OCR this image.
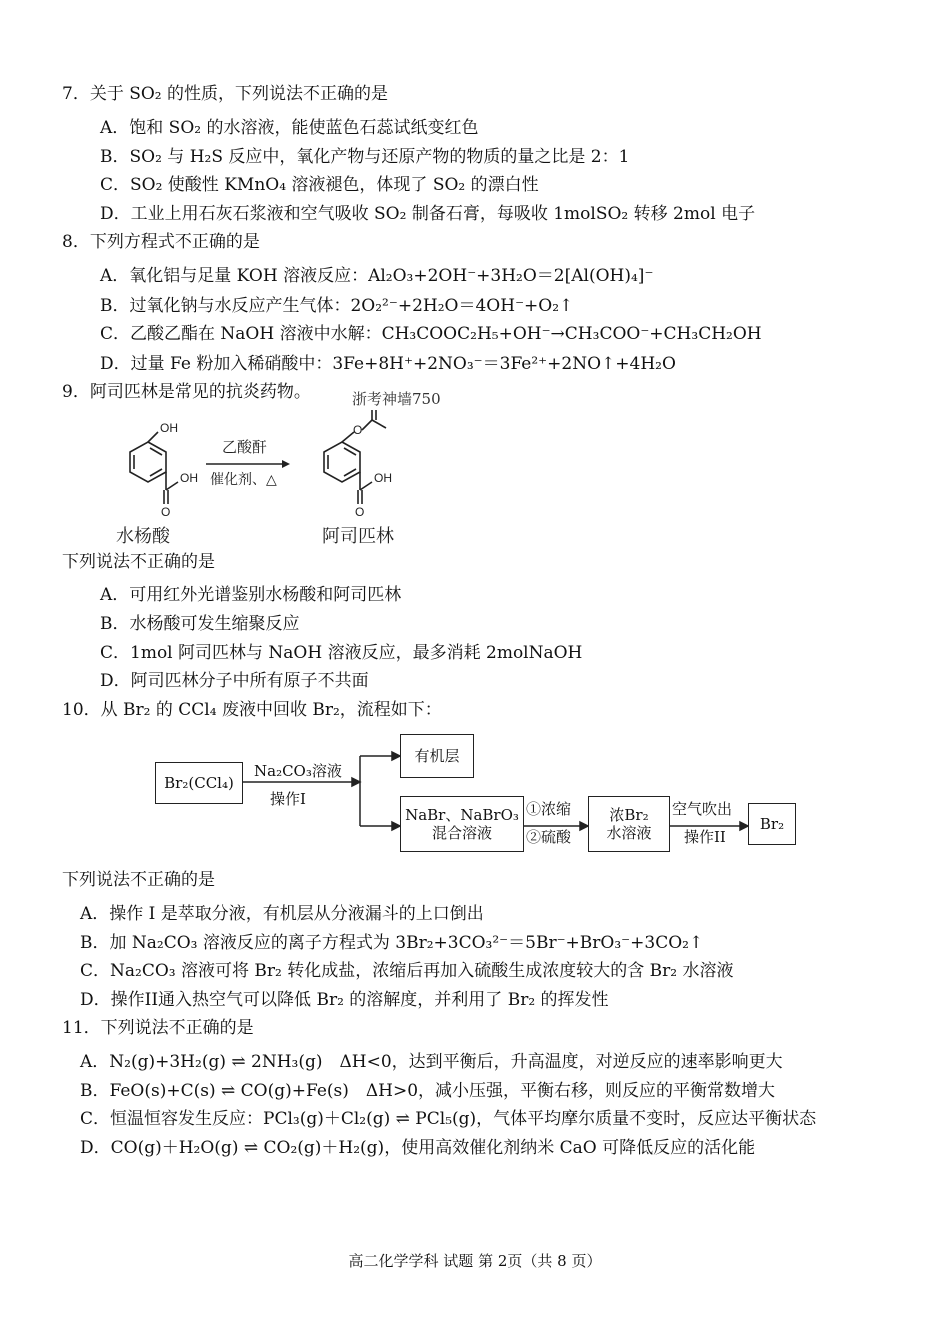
7．关于 SO₂ 的性质，下列说法不正确的是
A．饱和 SO₂ 的水溶液，能使蓝色石蕊试纸变红色
B．SO₂ 与 H₂S 反应中，氧化产物与还原产物的物质的量之比是 2：1
C．SO₂ 使酸性 KMnO₄ 溶液褪色，体现了 SO₂ 的漂白性
D．工业上用石灰石浆液和空气吸收 SO₂ 制备石膏，每吸收 1molSO₂ 转移 2mol 电子
8．下列方程式不正确的是
A．氧化铝与足量 KOH 溶液反应：Al₂O₃+2OH⁻+3H₂O＝2[Al(OH)₄]⁻
B．过氧化钠与水反应产生气体：2O₂²⁻+2H₂O＝4OH⁻+O₂↑
C．乙酸乙酯在 NaOH 溶液中水解：CH₃COOC₂H₅+OH⁻→CH₃COO⁻+CH₃CH₂OH
D．过量 Fe 粉加入稀硝酸中：3Fe+8H⁺+2NO₃⁻＝3Fe²⁺+2NO↑+4H₂O
9．阿司匹林是常见的抗炎药物。	浙考神墙750
OH
OH
O
乙酸酐
催化剂、△
O
OH
O
水杨酸	阿司匹林
下列说法不正确的是
A．可用红外光谱鉴别水杨酸和阿司匹林
B．水杨酸可发生缩聚反应
C．1mol 阿司匹林与 NaOH 溶液反应，最多消耗 2molNaOH
D．阿司匹林分子中所有原子不共面
10．从 Br₂ 的 CCl₄ 废液中回收 Br₂，流程如下：
Br₂(CCl₄)
Na₂CO₃溶液
操作I
有机层
NaBr、NaBrO₃
混合溶液
①浓缩
②硫酸
浓Br₂
水溶液
空气吹出
操作II
Br₂
下列说法不正确的是
A．操作 I 是萃取分液，有机层从分液漏斗的上口倒出
B．加 Na₂CO₃ 溶液反应的离子方程式为 3Br₂+3CO₃²⁻＝5Br⁻+BrO₃⁻+3CO₂↑
C．Na₂CO₃ 溶液可将 Br₂ 转化成盐，浓缩后再加入硫酸生成浓度较大的含 Br₂ 水溶液
D．操作II通入热空气可以降低 Br₂ 的溶解度，并利用了 Br₂ 的挥发性
11．下列说法不正确的是
A．N₂(g)+3H₂(g) ⇌ 2NH₃(g)　ΔH<0，达到平衡后，升高温度，对逆反应的速率影响更大
B．FeO(s)+C(s) ⇌ CO(g)+Fe(s)　ΔH>0，减小压强，平衡右移，则反应的平衡常数增大
C．恒温恒容发生反应：PCl₃(g)＋Cl₂(g) ⇌ PCl₅(g)，气体平均摩尔质量不变时，反应达平衡状态
D．CO(g)＋H₂O(g) ⇌ CO₂(g)＋H₂(g)，使用高效催化剂纳米 CaO 可降低反应的活化能
高二化学学科 试题 第 2页（共 8 页）
